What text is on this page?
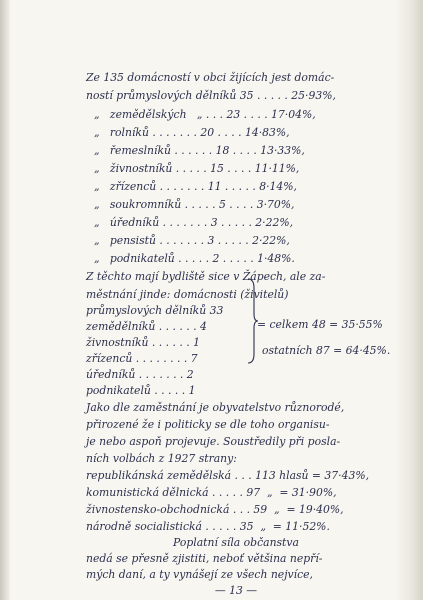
Ze 135 domácností v obci žijících jest domác-
ností průmyslových dělníků 35 . . . . . 25·93%,
„   zemědělských   „ . . . 23 . . . . 17·04%,
„   rolníků . . . . . . . 20 . . . . 14·83%,
„   řemeslníků . . . . . . 18 . . . . 13·33%,
„   živnostníků . . . . . 15 . . . . 11·11%,
„   zřízenců . . . . . . . 11 . . . . . 8·14%,
„   soukromníků . . . . . 5 . . . . 3·70%,
„   úředníků . . . . . . . 3 . . . . . 2·22%,
„   pensistů . . . . . . . 3 . . . . . 2·22%,
„   podnikatelů . . . . . 2 . . . . . 1·48%.
Z těchto mají bydliště sice v Žápech, ale za-
městnání jinde: domácnosti (živitelů)
průmyslových dělníků 33
zemědělníků . . . . . . 4
živnostníků . . . . . . 1
zřízenců . . . . . . . . 7
úředníků . . . . . . . 2
podnikatelů . . . . . 1
= celkem 48 = 35·55%
ostatních 87 = 64·45%.
Jako dle zaměstnání je obyvatelstvo různorodé,
přirozené že i politicky se dle toho organisu-
je nebo aspoň projevuje. Soustředily při posla-
ních volbách z 1927 strany:
republikánská zemědělská . . . 113 hlasů = 37·43%,
komunistická dělnická . . . . . 97  „  = 31·90%,
živnostensko-obchodnická . . . 59  „  = 19·40%,
národně socialistická . . . . . 35  „  = 11·52%.
Poplatní síla občanstva
nedá se přesně zjistiti, neboť většina nepří-
mých daní, a ty vynášejí ze všech nejvíce,
— 13 —
